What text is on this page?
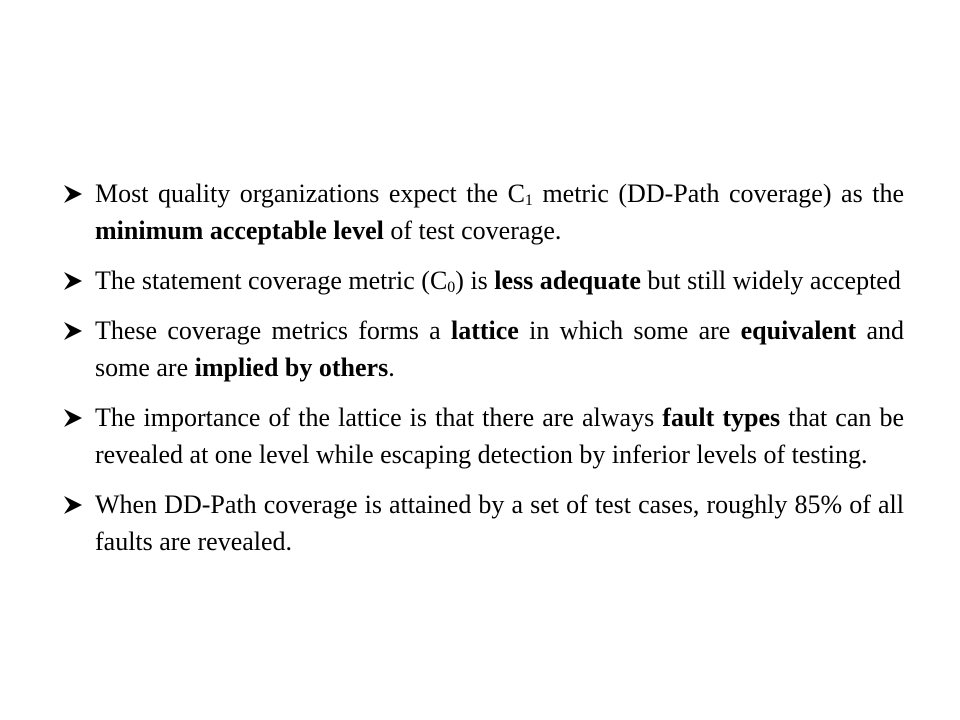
Most quality organizations expect the $C_1$ metric (DD-Path coverage) as the minimum acceptable level of test coverage.
The statement coverage metric $(C_0)$ is less adequate but still widely accepted
These coverage metrics forms a lattice in which some are equivalent and some are implied by others.
The importance of the lattice is that there are always fault types that can be revealed at one level while escaping detection by inferior levels of testing.
When DD-Path coverage is attained by a set of test cases, roughly 85% of all faults are revealed.
